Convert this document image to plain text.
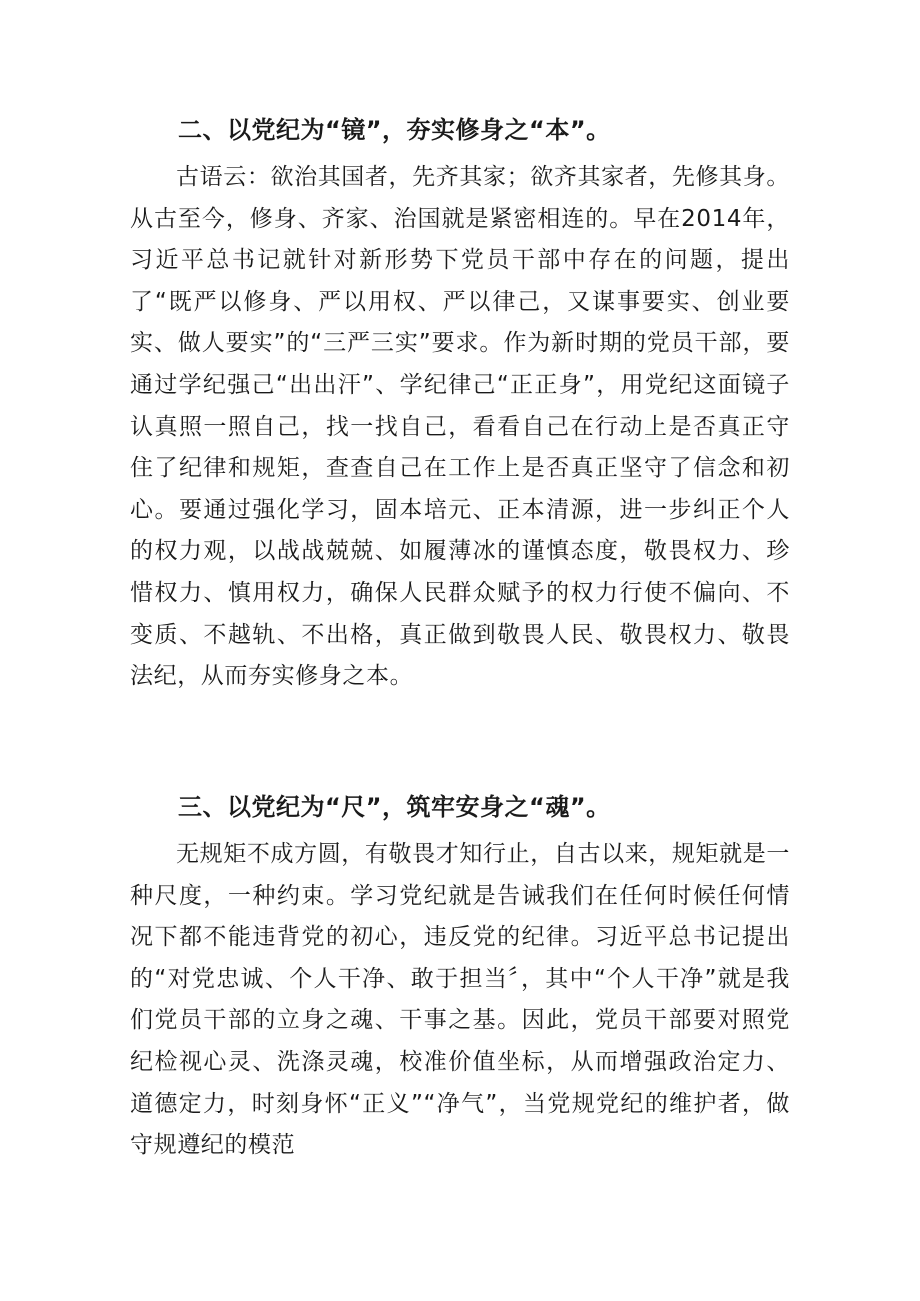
二、以党纪为“镜”，夯实修身之“本”。

古语云：欲治其国者，先齐其家；欲齐其家者，先修其身。从古至今，修身、齐家、治国就是紧密相连的。早在2014年，习近平总书记就针对新形势下党员干部中存在的问题，提出了“既严以修身、严以用权、严以律己，又谋事要实、创业要实、做人要实”的“三严三实”要求。作为新时期的党员干部，要通过学纪强己“出出汗”、学纪律己“正正身”，用党纪这面镜子认真照一照自己，找一找自己，看看自己在行动上是否真正守住了纪律和规矩，查查自己在工作上是否真正坚守了信念和初心。要通过强化学习，固本培元、正本清源，进一步纠正个人的权力观，以战战兢兢、如履薄冰的谨慎态度，敬畏权力、珍惜权力、慎用权力，确保人民群众赋予的权力行使不偏向、不变质、不越轨、不出格，真正做到敬畏人民、敬畏权力、敬畏法纪，从而夯实修身之本。

三、以党纪为“尺”，筑牢安身之“魂”。

无规矩不成方圆，有敬畏才知行止，自古以来，规矩就是一种尺度，一种约束。学习党纪就是告诫我们在任何时候任何情况下都不能违背党的初心，违反党的纪律。习近平总书记提出的“对党忠诚、个人干净、敢于担当〞，其中“个人干净”就是我们党员干部的立身之魂、干事之基。因此，党员干部要对照党纪检视心灵、洗涤灵魂，校准价值坐标，从而增强政治定力、道德定力，时刻身怀“正义”“净气”，当党规党纪的维护者，做守规遵纪的模范
